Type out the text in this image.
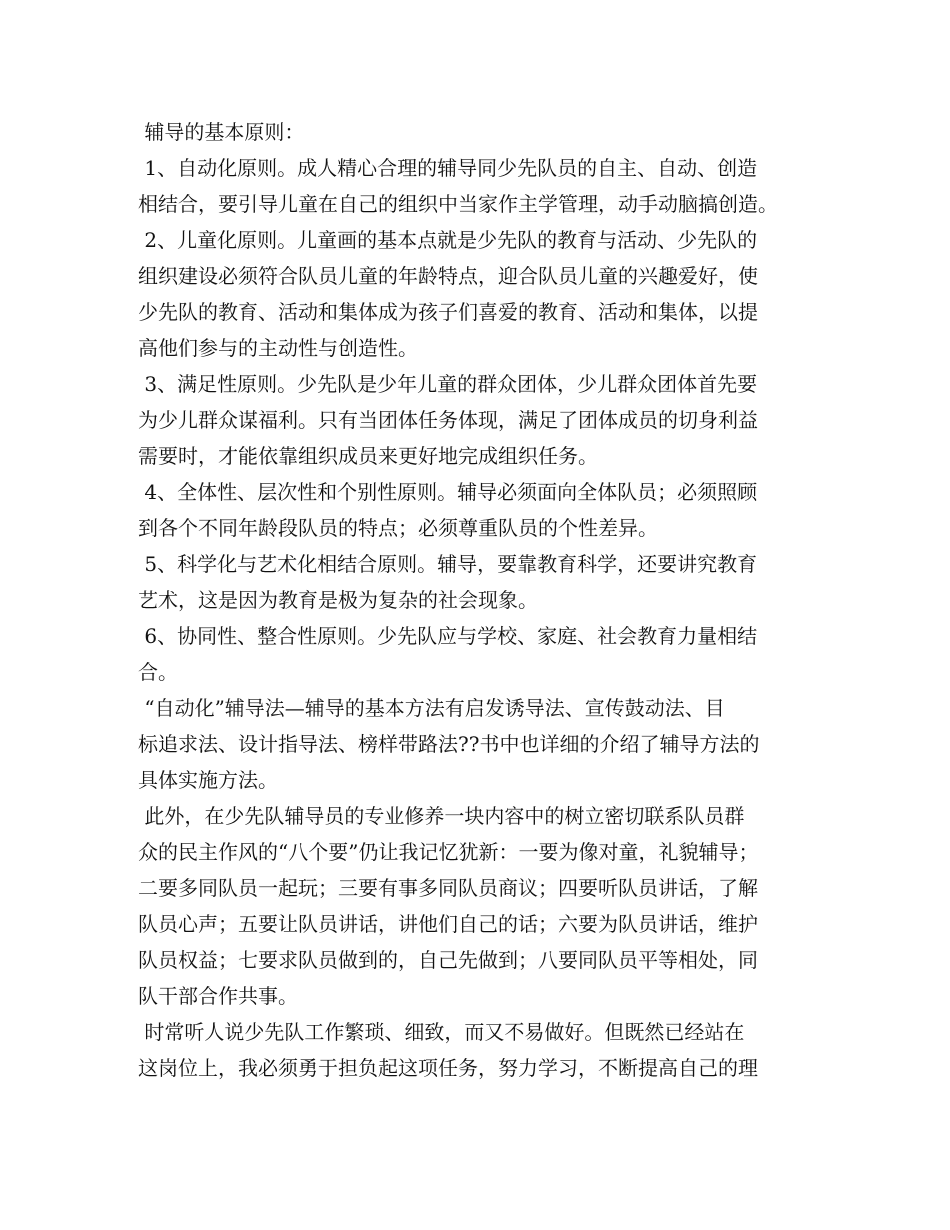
辅导的基本原则：
1、自动化原则。成人精心合理的辅导同少先队员的自主、自动、创造
相结合，要引导儿童在自己的组织中当家作主学管理，动手动脑搞创造。
2、儿童化原则。儿童画的基本点就是少先队的教育与活动、少先队的
组织建设必须符合队员儿童的年龄特点，迎合队员儿童的兴趣爱好，使
少先队的教育、活动和集体成为孩子们喜爱的教育、活动和集体，以提
高他们参与的主动性与创造性。
3、满足性原则。少先队是少年儿童的群众团体，少儿群众团体首先要
为少儿群众谋福利。只有当团体任务体现，满足了团体成员的切身利益
需要时，才能依靠组织成员来更好地完成组织任务。
4、全体性、层次性和个别性原则。辅导必须面向全体队员；必须照顾
到各个不同年龄段队员的特点；必须尊重队员的个性差异。
5、科学化与艺术化相结合原则。辅导，要靠教育科学，还要讲究教育
艺术，这是因为教育是极为复杂的社会现象。
6、协同性、整合性原则。少先队应与学校、家庭、社会教育力量相结
合。
“自动化”辅导法—辅导的基本方法有启发诱导法、宣传鼓动法、目
标追求法、设计指导法、榜样带路法??书中也详细的介绍了辅导方法的
具体实施方法。
此外，在少先队辅导员的专业修养一块内容中的树立密切联系队员群
众的民主作风的“八个要”仍让我记忆犹新：一要为像对童，礼貌辅导；
二要多同队员一起玩；三要有事多同队员商议；四要听队员讲话，了解
队员心声；五要让队员讲话，讲他们自己的话；六要为队员讲话，维护
队员权益；七要求队员做到的，自己先做到；八要同队员平等相处，同
队干部合作共事。
时常听人说少先队工作繁琐、细致，而又不易做好。但既然已经站在
这岗位上，我必须勇于担负起这项任务，努力学习，不断提高自己的理
